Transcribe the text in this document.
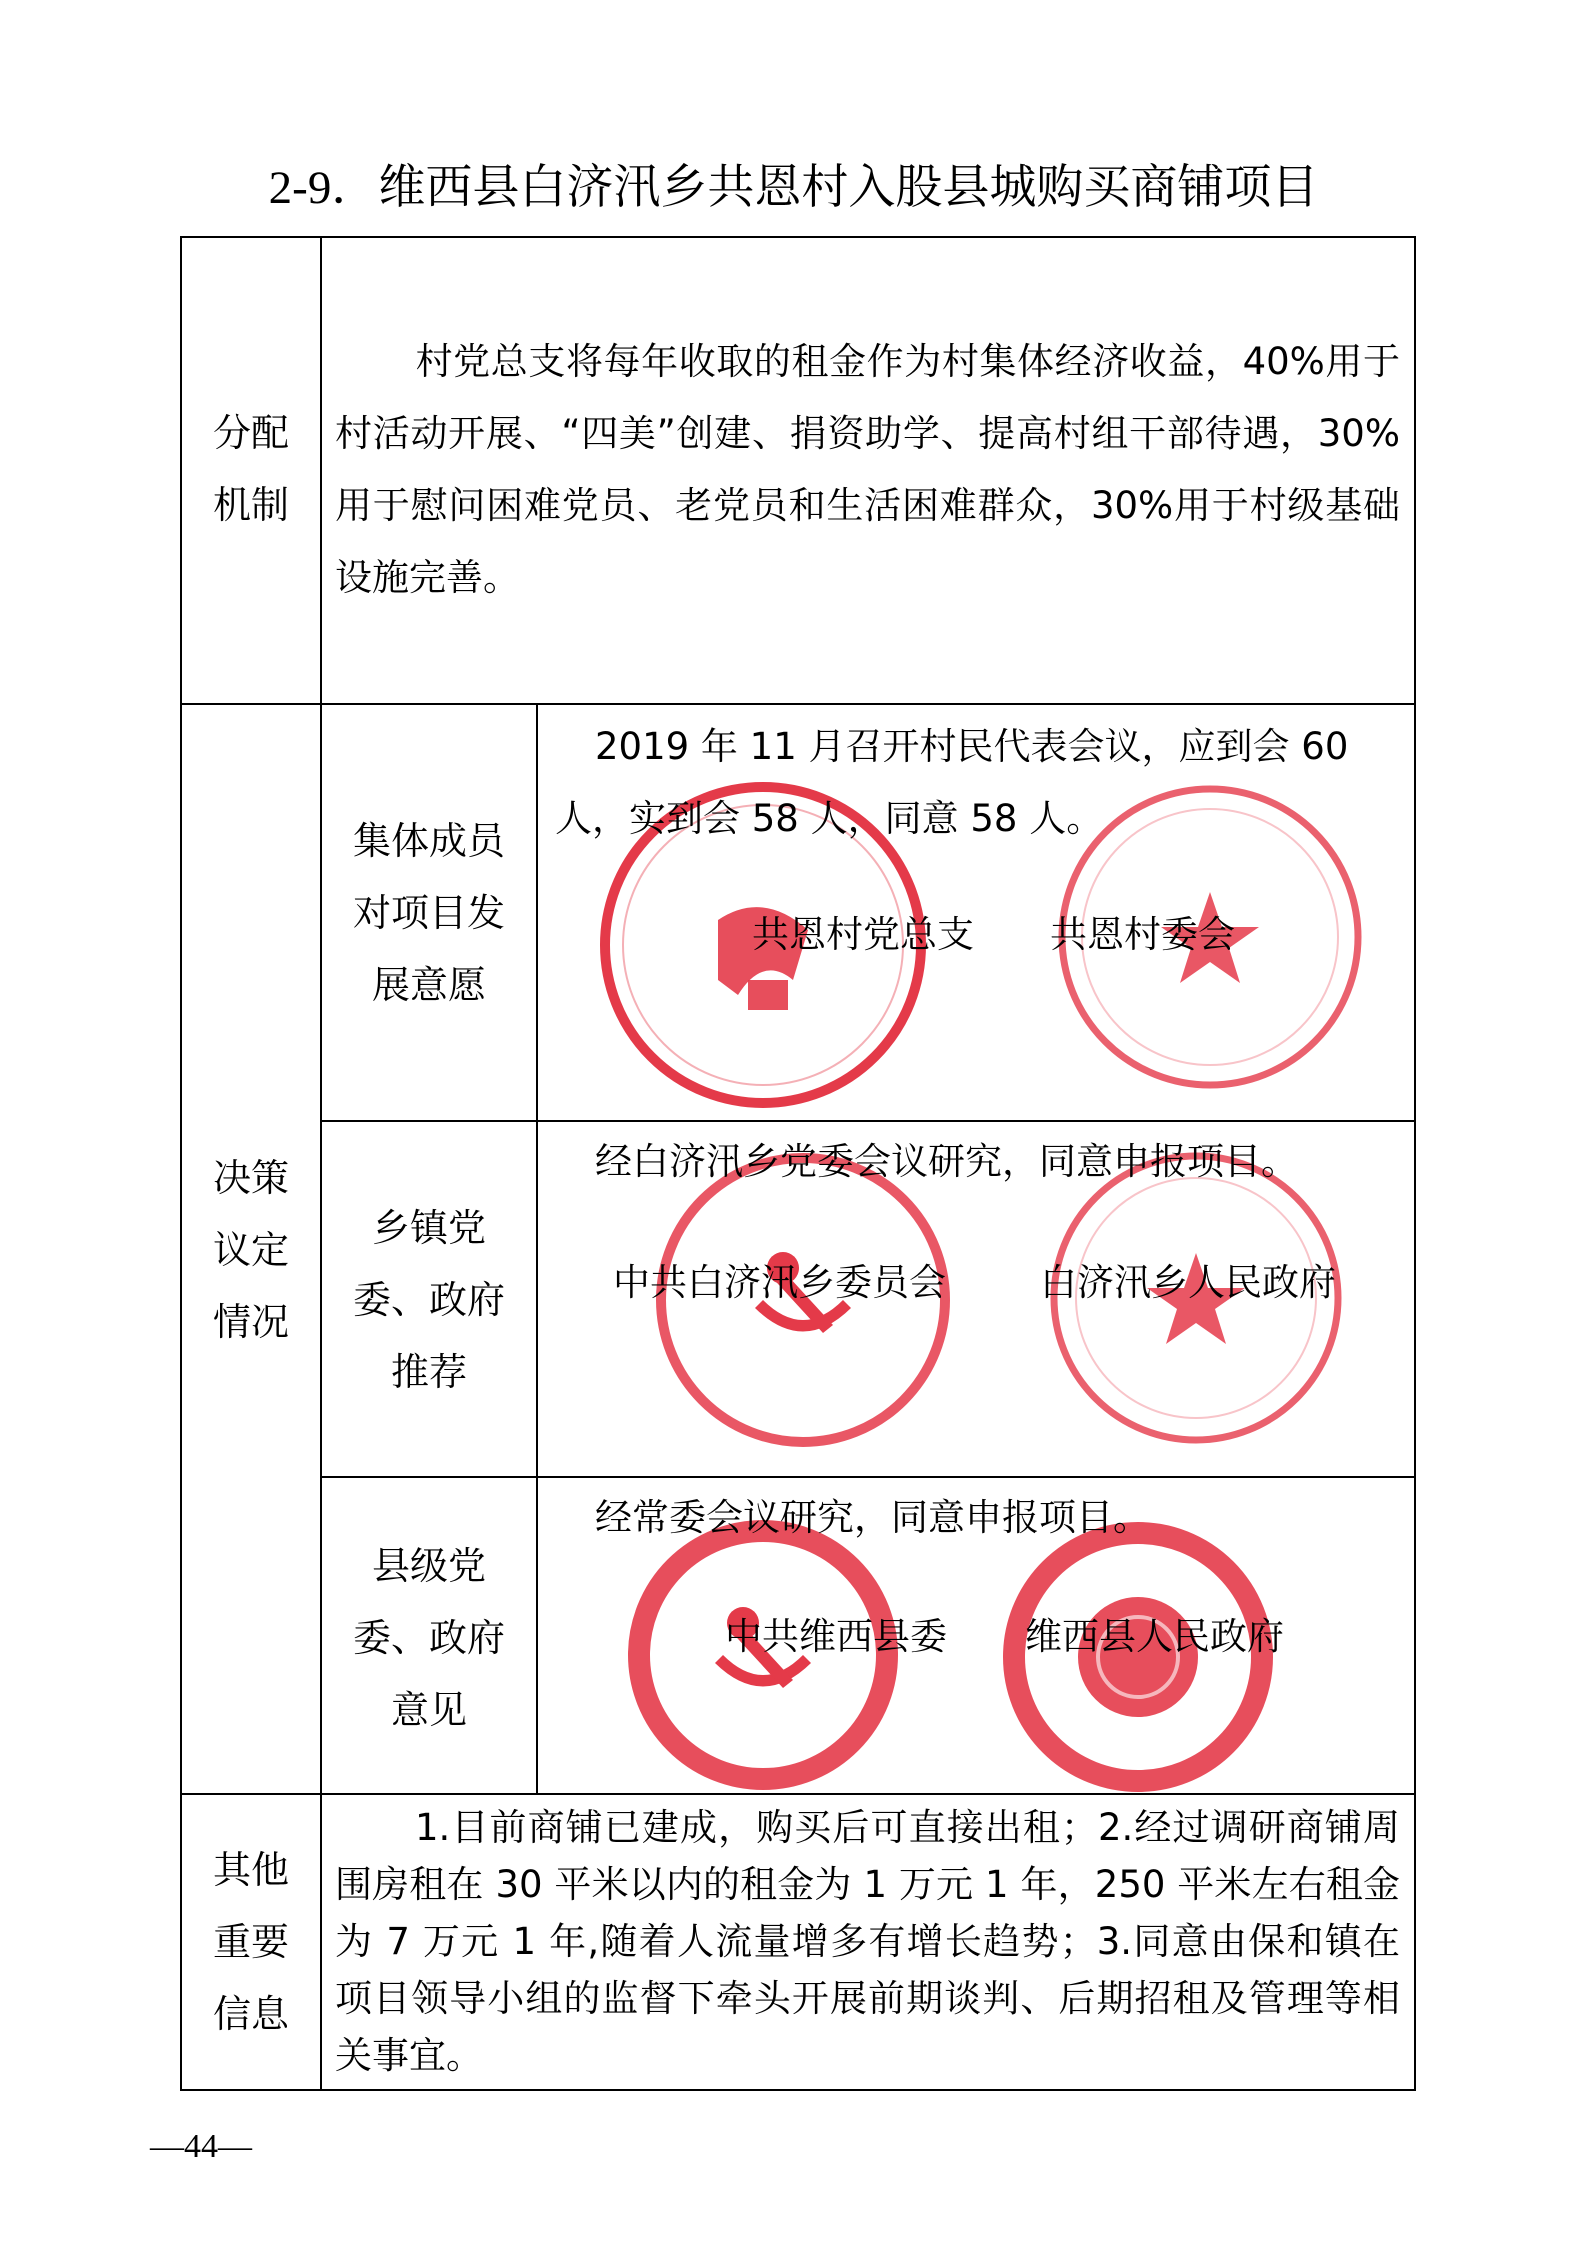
2-9．维西县白济汛乡共恩村入股县城购买商铺项目
分配
机制
村党总支将每年收取的租金作为村集体经济收益，40%用于村活动开展、“四美”创建、捐资助学、提高村组干部待遇，30%用于慰问困难党员、老党员和生活困难群众，30%用于村级基础设施完善。
决策
议定
情况
集体成员
对项目发
展意愿
2019 年 11 月召开村民代表会议，应到会 60 人，实到会 58 人，同意 58 人。
共恩村党总支 共恩村委会
乡镇党
委、政府
推荐
经白济汛乡党委会议研究，同意申报项目。
中共白济汛乡委员会	白济汛乡人民政府
县级党
委、政府
意见
经常委会议研究，同意申报项目。
中共维西县委 维西县人民政府
其他
重要
信息
1.目前商铺已建成，购买后可直接出租；2.经过调研商铺周围房租在 30 平米以内的租金为 1 万元 1 年，250 平米左右租金为 7 万元 1 年,随着人流量增多有增长趋势；3.同意由保和镇在项目领导小组的监督下牵头开展前期谈判、后期招租及管理等相关事宜。
—44—
